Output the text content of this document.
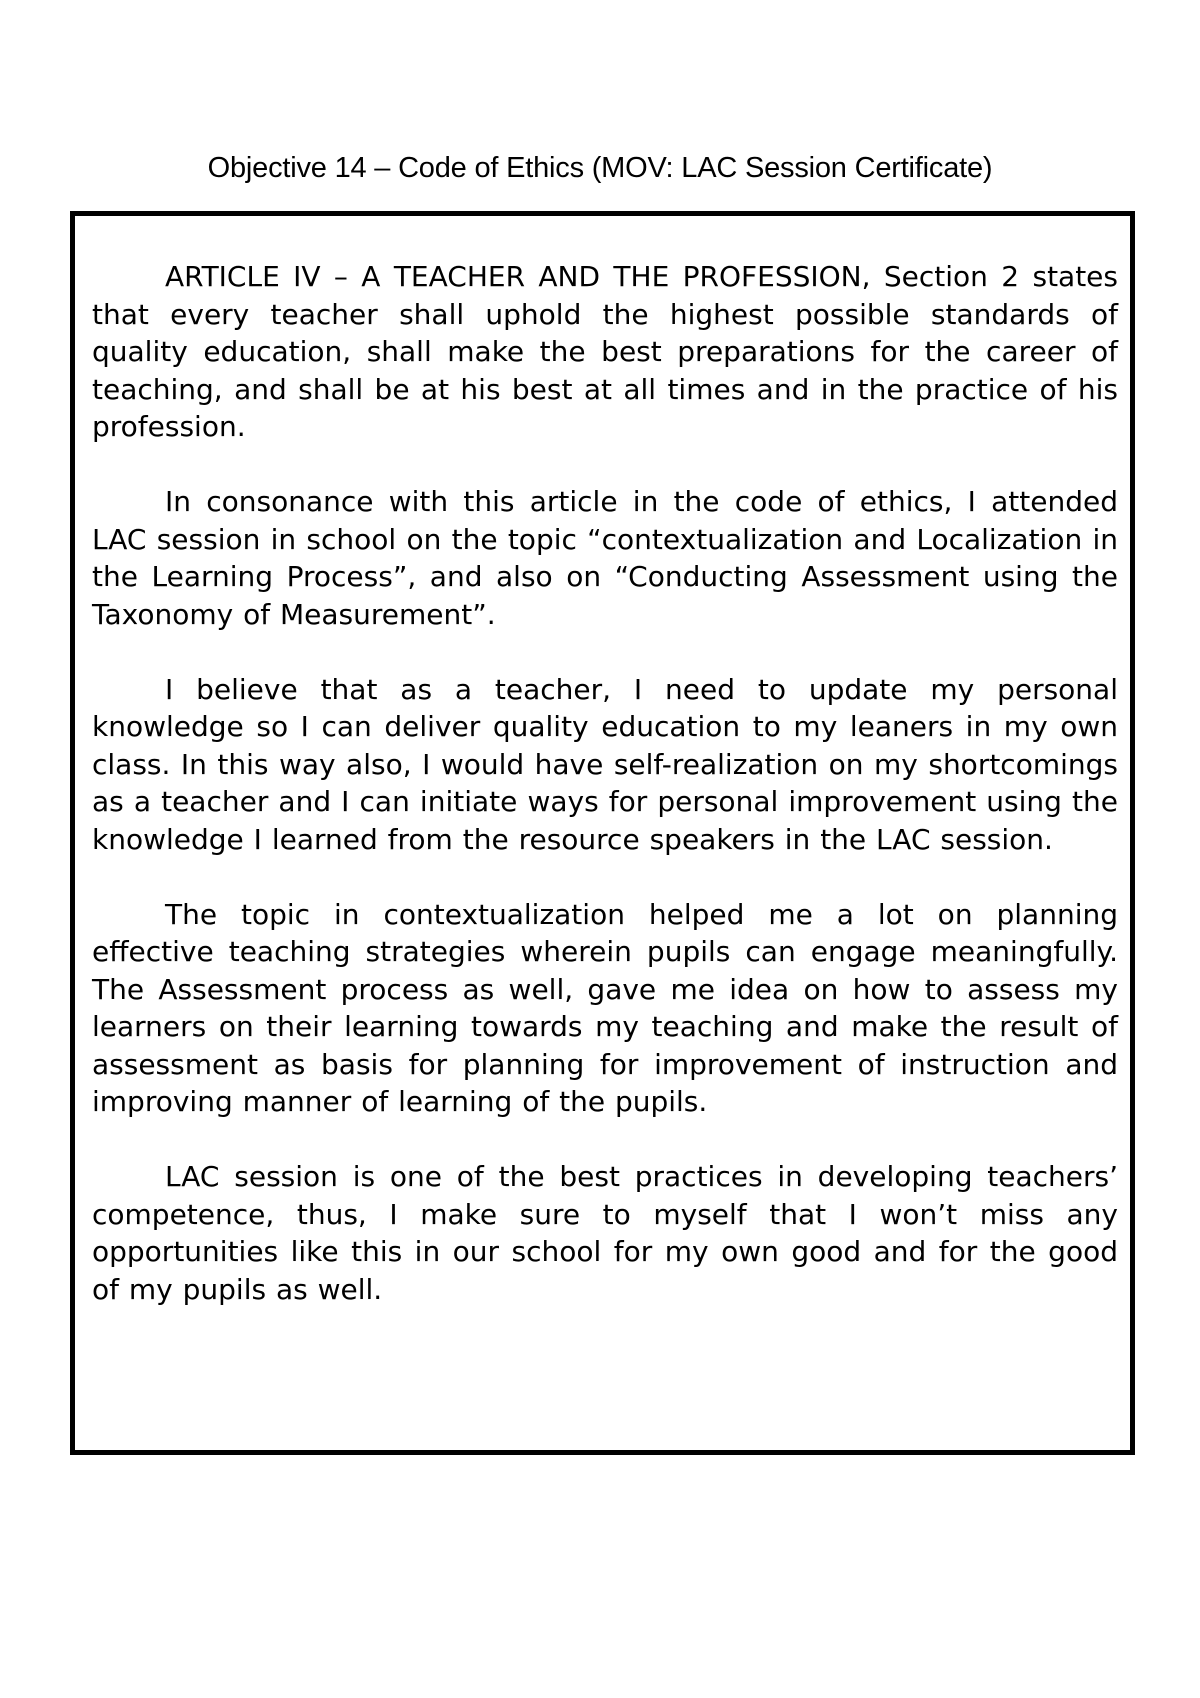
Objective 14 – Code of Ethics (MOV: LAC Session Certificate)

ARTICLE IV – A TEACHER AND THE PROFESSION, Section 2 states that every teacher shall uphold the highest possible standards of quality education, shall make the best preparations for the career of teaching, and shall be at his best at all times and in the practice of his profession.

In consonance with this article in the code of ethics, I attended LAC session in school on the topic “contextualization and Localization in the Learning Process”, and also on “Conducting Assessment using the Taxonomy of Measurement”.

I believe that as a teacher, I need to update my personal knowledge so I can deliver quality education to my leaners in my own class. In this way also, I would have self-realization on my shortcomings as a teacher and I can initiate ways for personal improvement using the knowledge I learned from the resource speakers in the LAC session.

The topic in contextualization helped me a lot on planning effective teaching strategies wherein pupils can engage meaningfully. The Assessment process as well, gave me idea on how to assess my learners on their learning towards my teaching and make the result of assessment as basis for planning for improvement of instruction and improving manner of learning of the pupils.

LAC session is one of the best practices in developing teachers’ competence, thus, I make sure to myself that I won’t miss any opportunities like this in our school for my own good and for the good of my pupils as well.
